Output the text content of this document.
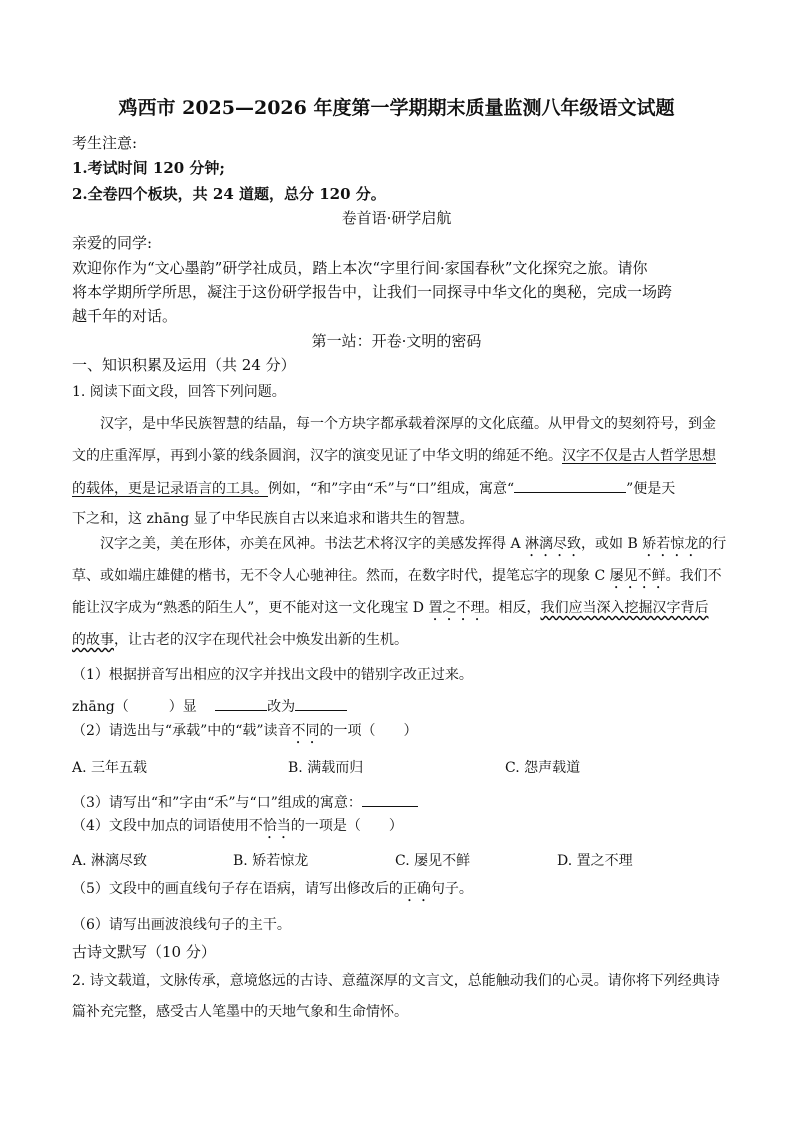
鸡西市 2025—2026 年度第一学期期末质量监测八年级语文试题
考生注意:
1.考试时间 120 分钟;
2.全卷四个板块，共 24 道题，总分 120 分。
卷首语·研学启航
亲爱的同学:
欢迎你作为“文心墨韵”研学社成员，踏上本次“字里行间·家国春秋”文化探究之旅。请你
将本学期所学所思，凝注于这份研学报告中，让我们一同探寻中华文化的奥秘，完成一场跨
越千年的对话。
第一站：开卷·文明的密码
一、知识积累及运用（共 24 分）
1. 阅读下面文段，回答下列问题。
汉字，是中华民族智慧的结晶，每一个方块字都承载着深厚的文化底蕴。从甲骨文的契刻符号，到金
文的庄重浑厚，再到小篆的线条圆润，汉字的演变见证了中华文明的绵延不绝。汉字不仅是古人哲学思想
的载体，更是记录语言的工具。例如，“和”字由“禾”与“口”组成，寓意“	”便是天
下之和，这 zhāng 显了中华民族自古以来追求和谐共生的智慧。
汉字之美，美在形体，亦美在风神。书法艺术将汉字的美感发挥得 A 淋漓尽致，或如 B 矫若惊龙的行
草、或如端庄雄健的楷书，无不令人心驰神往。然而，在数字时代，提笔忘字的现象 C 屡见不鲜。我们不
能让汉字成为“熟悉的陌生人”，更不能对这一文化瑰宝 D 置之不理。相反，我们应当深入挖掘汉字背后
的故事，让古老的汉字在现代社会中焕发出新的生机。
（1）根据拼音写出相应的汉字并找出文段中的错别字改正过来。
zhāng（	）显	改为
（2）请选出与“承载”中的“载”读音不同的一项（　　）
A. 三年五载	B. 满载而归	C. 怨声载道
（3）请写出“和”字由“禾”与“口”组成的寓意：
（4）文段中加点的词语使用不恰当的一项是（　　）
A. 淋漓尽致	B. 矫若惊龙	C. 屡见不鲜	D. 置之不理
（5）文段中的画直线句子存在语病，请写出修改后的正确句子。
（6）请写出画波浪线句子的主干。
古诗文默写（10 分）
2. 诗文载道，文脉传承，意境悠远的古诗、意蕴深厚的文言文，总能触动我们的心灵。请你将下列经典诗
篇补充完整，感受古人笔墨中的天地气象和生命情怀。
